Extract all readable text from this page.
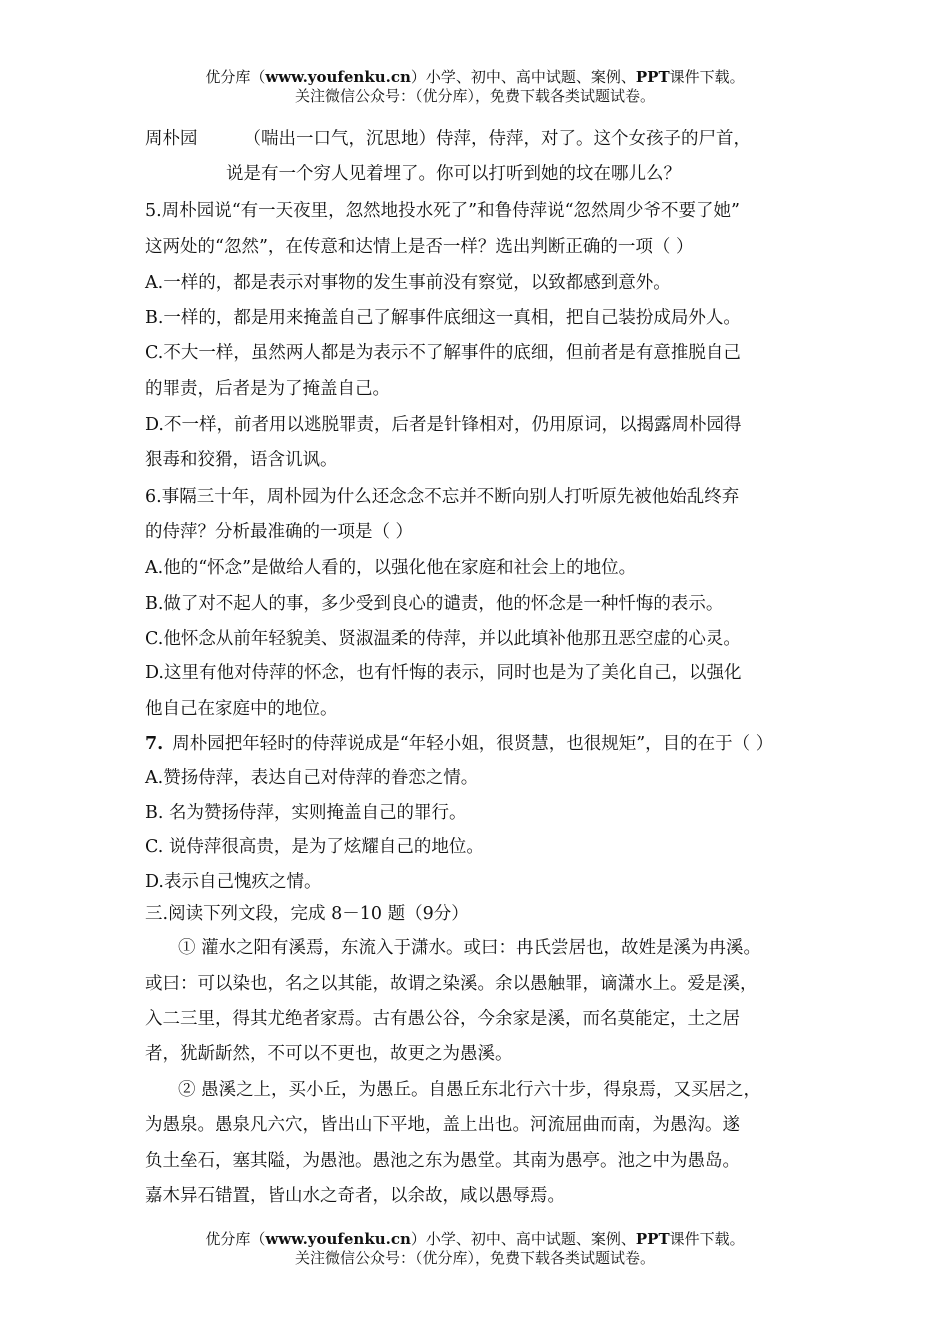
优分库（www.youfenku.cn）小学、初中、高中试题、案例、PPT课件下载。
关注微信公众号：（优分库），免费下载各类试题试卷。
周朴园	（喘出一口气，沉思地）侍萍，侍萍，对了。这个女孩子的尸首，
说是有一个穷人见着埋了。你可以打听到她的坟在哪儿么？
5.周朴园说“有一天夜里，忽然地投水死了”和鲁侍萍说“忽然周少爷不要了她”
这两处的“忽然”，在传意和达情上是否一样？选出判断正确的一项（ ）
A.一样的，都是表示对事物的发生事前没有察觉，以致都感到意外。
B.一样的，都是用来掩盖自己了解事件底细这一真相，把自己装扮成局外人。
C.不大一样，虽然两人都是为表示不了解事件的底细，但前者是有意推脱自己
的罪责，后者是为了掩盖自己。
D.不一样，前者用以逃脱罪责，后者是针锋相对，仍用原词，以揭露周朴园得
狠毒和狡猾，语含讥讽。
6.事隔三十年，周朴园为什么还念念不忘并不断向别人打听原先被他始乱终弃
的侍萍？分析最准确的一项是（ ）
A.他的“怀念”是做给人看的，以强化他在家庭和社会上的地位。
B.做了对不起人的事，多少受到良心的谴责，他的怀念是一种忏悔的表示。
C.他怀念从前年轻貌美、贤淑温柔的侍萍，并以此填补他那丑恶空虚的心灵。
D.这里有他对侍萍的怀念，也有忏悔的表示，同时也是为了美化自己，以强化
他自己在家庭中的地位。
7. 周朴园把年轻时的侍萍说成是“年轻小姐，很贤慧，也很规矩”，目的在于（ ）
A.赞扬侍萍，表达自己对侍萍的眷恋之情。
B. 名为赞扬侍萍，实则掩盖自己的罪行。
C. 说侍萍很高贵，是为了炫耀自己的地位。
D.表示自己愧疚之情。
三.阅读下列文段，完成 8－10 题（9分）
① 灌水之阳有溪焉，东流入于潇水。或曰：冉氏尝居也，故姓是溪为冉溪。
或曰：可以染也，名之以其能，故谓之染溪。余以愚触罪，谪潇水上。爱是溪，
入二三里，得其尤绝者家焉。古有愚公谷，今余家是溪，而名莫能定，土之居
者，犹龂龂然，不可以不更也，故更之为愚溪。
② 愚溪之上，买小丘，为愚丘。自愚丘东北行六十步，得泉焉，又买居之，
为愚泉。愚泉凡六穴，皆出山下平地，盖上出也。河流屈曲而南，为愚沟。遂
负土垒石，塞其隘，为愚池。愚池之东为愚堂。其南为愚亭。池之中为愚岛。
嘉木异石错置，皆山水之奇者，以余故，咸以愚辱焉。
优分库（www.youfenku.cn）小学、初中、高中试题、案例、PPT课件下载。
关注微信公众号：（优分库），免费下载各类试题试卷。
